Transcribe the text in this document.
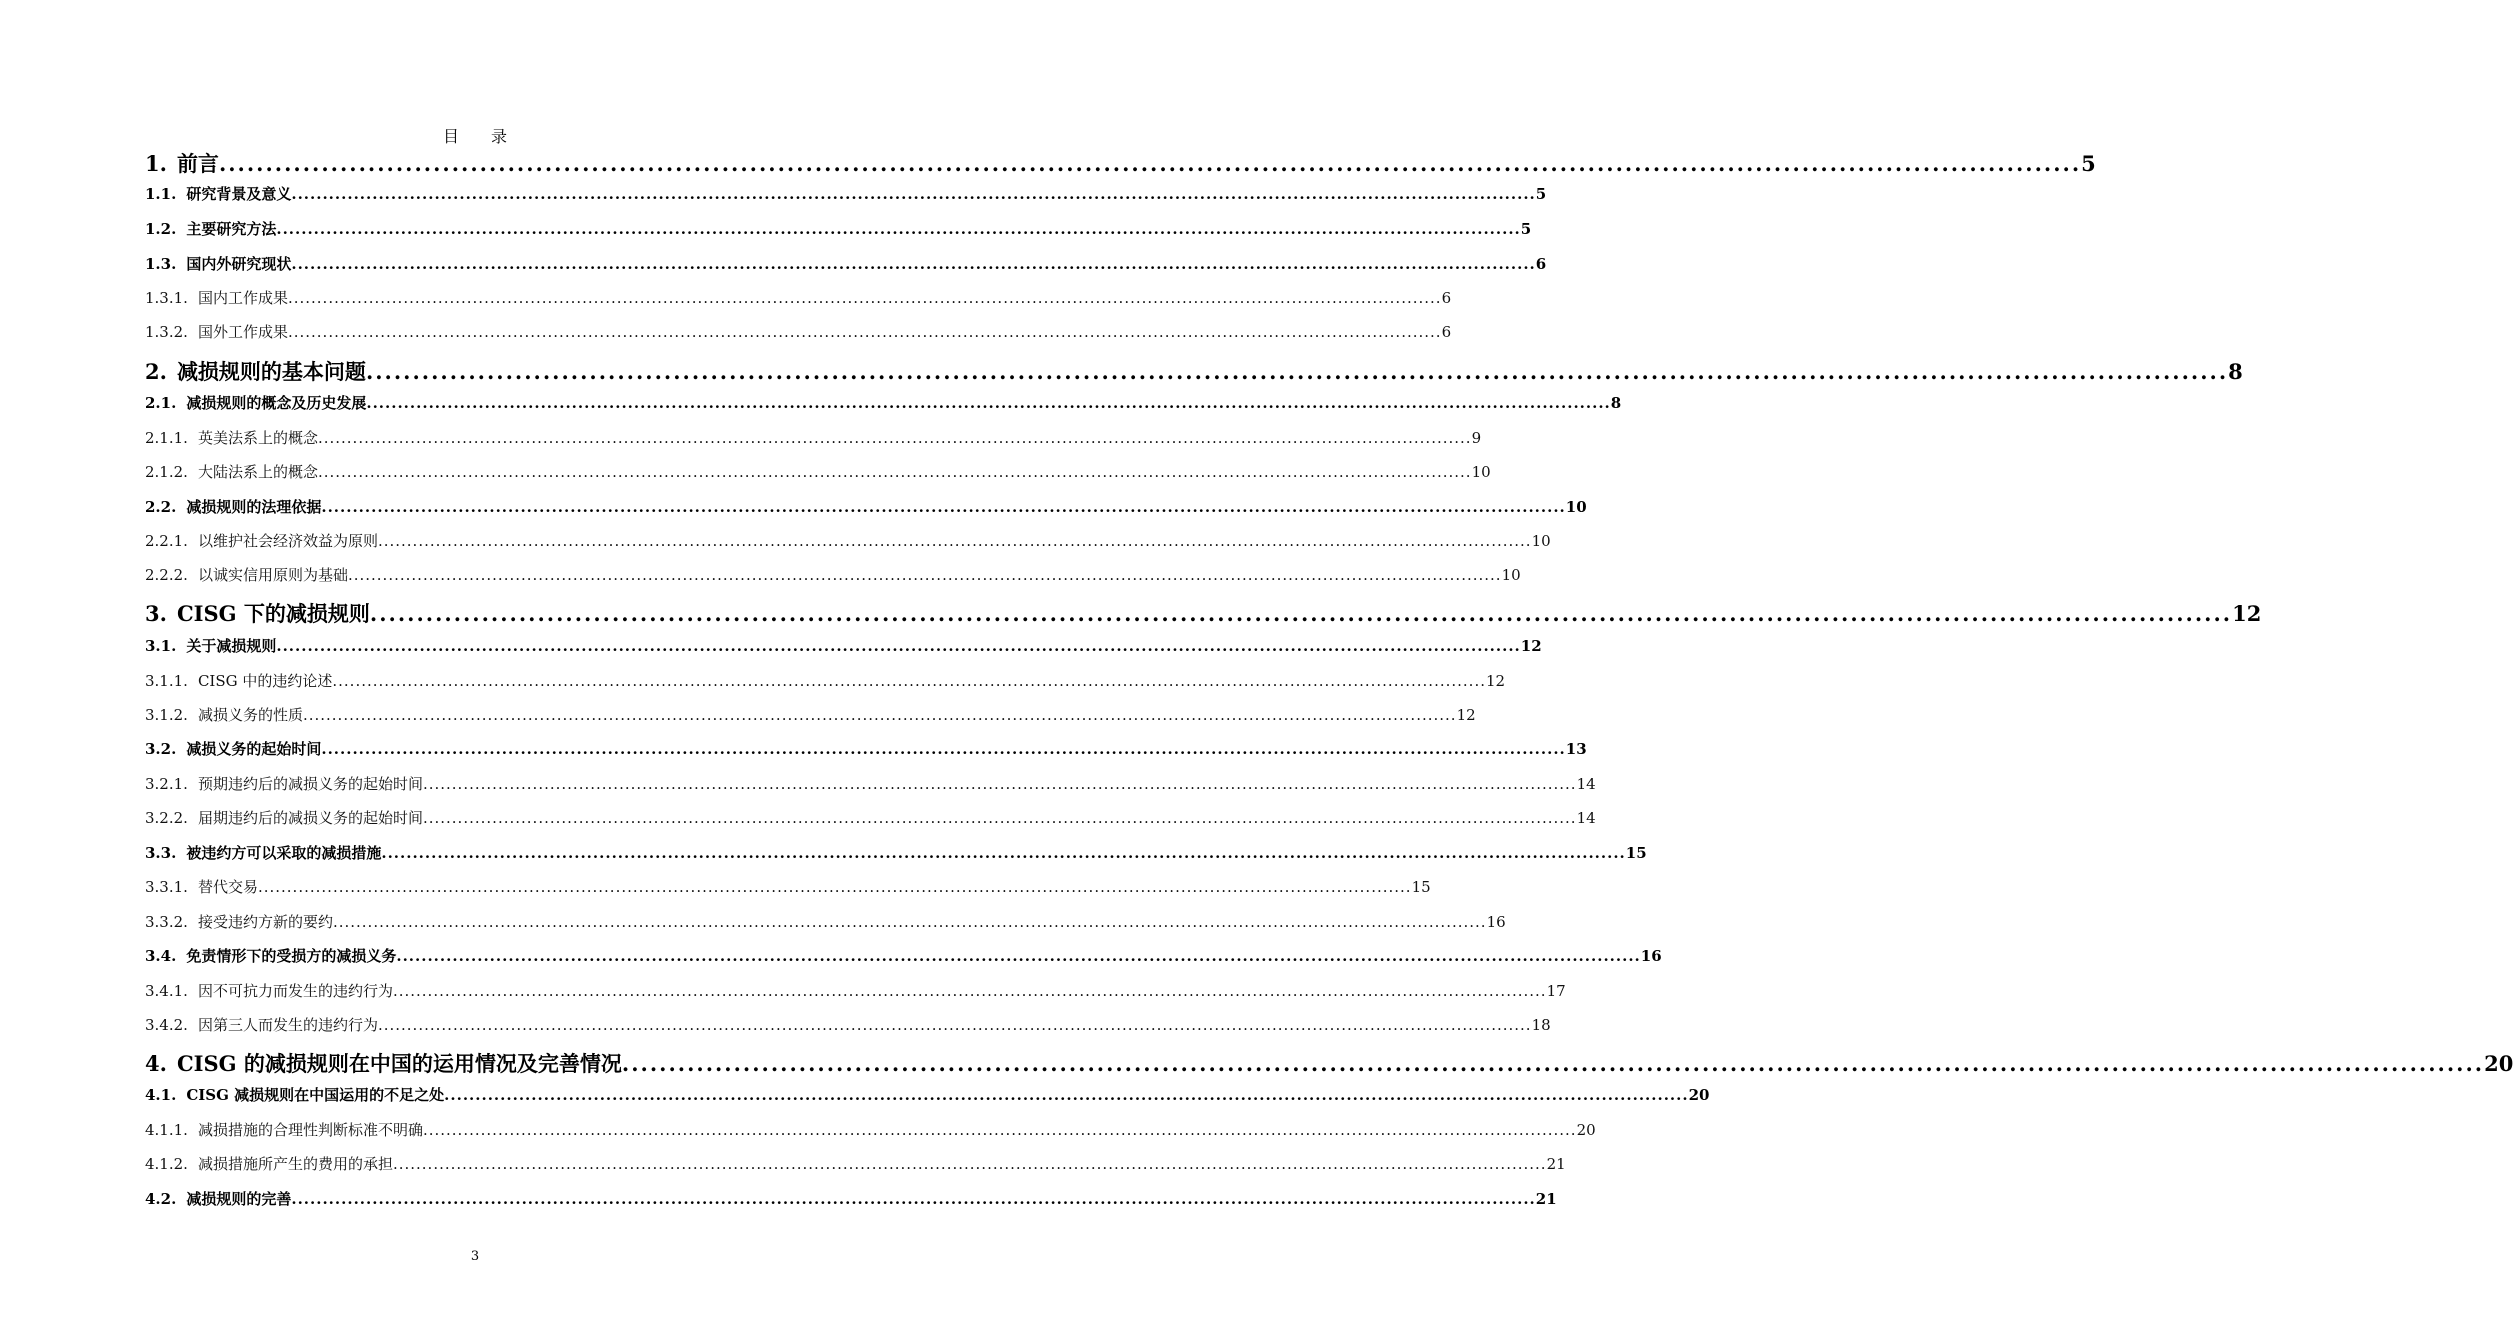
目　　录
1. 前言 ........................................................................................................................................................................................................ 5
1.1. 研究背景及意义 ........................................................................................................................................................................................................ 5
1.2. 主要研究方法 ........................................................................................................................................................................................................ 5
1.3. 国内外研究现状 ........................................................................................................................................................................................................ 6
1.3.1. 国内工作成果 ........................................................................................................................................................................................................ 6
1.3.2. 国外工作成果 ........................................................................................................................................................................................................ 6
2. 减损规则的基本问题 ........................................................................................................................................................................................................ 8
2.1. 减损规则的概念及历史发展 ........................................................................................................................................................................................................ 8
2.1.1. 英美法系上的概念 ........................................................................................................................................................................................................ 9
2.1.2. 大陆法系上的概念 ........................................................................................................................................................................................................ 10
2.2. 减损规则的法理依据 ........................................................................................................................................................................................................ 10
2.2.1. 以维护社会经济效益为原则 ........................................................................................................................................................................................................ 10
2.2.2. 以诚实信用原则为基础 ........................................................................................................................................................................................................ 10
3. CISG 下的减损规则 ........................................................................................................................................................................................................ 12
3.1. 关于减损规则 ........................................................................................................................................................................................................ 12
3.1.1. CISG 中的违约论述 ........................................................................................................................................................................................................ 12
3.1.2. 减损义务的性质 ........................................................................................................................................................................................................ 12
3.2. 减损义务的起始时间 ........................................................................................................................................................................................................ 13
3.2.1. 预期违约后的减损义务的起始时间 ........................................................................................................................................................................................................ 14
3.2.2. 届期违约后的减损义务的起始时间 ........................................................................................................................................................................................................ 14
3.3. 被违约方可以采取的减损措施 ........................................................................................................................................................................................................ 15
3.3.1. 替代交易 ........................................................................................................................................................................................................ 15
3.3.2. 接受违约方新的要约 ........................................................................................................................................................................................................ 16
3.4. 免责情形下的受损方的减损义务 ........................................................................................................................................................................................................ 16
3.4.1. 因不可抗力而发生的违约行为 ........................................................................................................................................................................................................ 17
3.4.2. 因第三人而发生的违约行为 ........................................................................................................................................................................................................ 18
4. CISG 的减损规则在中国的运用情况及完善情况 ........................................................................................................................................................................................................ 20
4.1. CISG 减损规则在中国运用的不足之处 ........................................................................................................................................................................................................ 20
4.1.1. 减损措施的合理性判断标准不明确 ........................................................................................................................................................................................................ 20
4.1.2. 减损措施所产生的费用的承担 ........................................................................................................................................................................................................ 21
4.2. 减损规则的完善 ........................................................................................................................................................................................................ 21
3
